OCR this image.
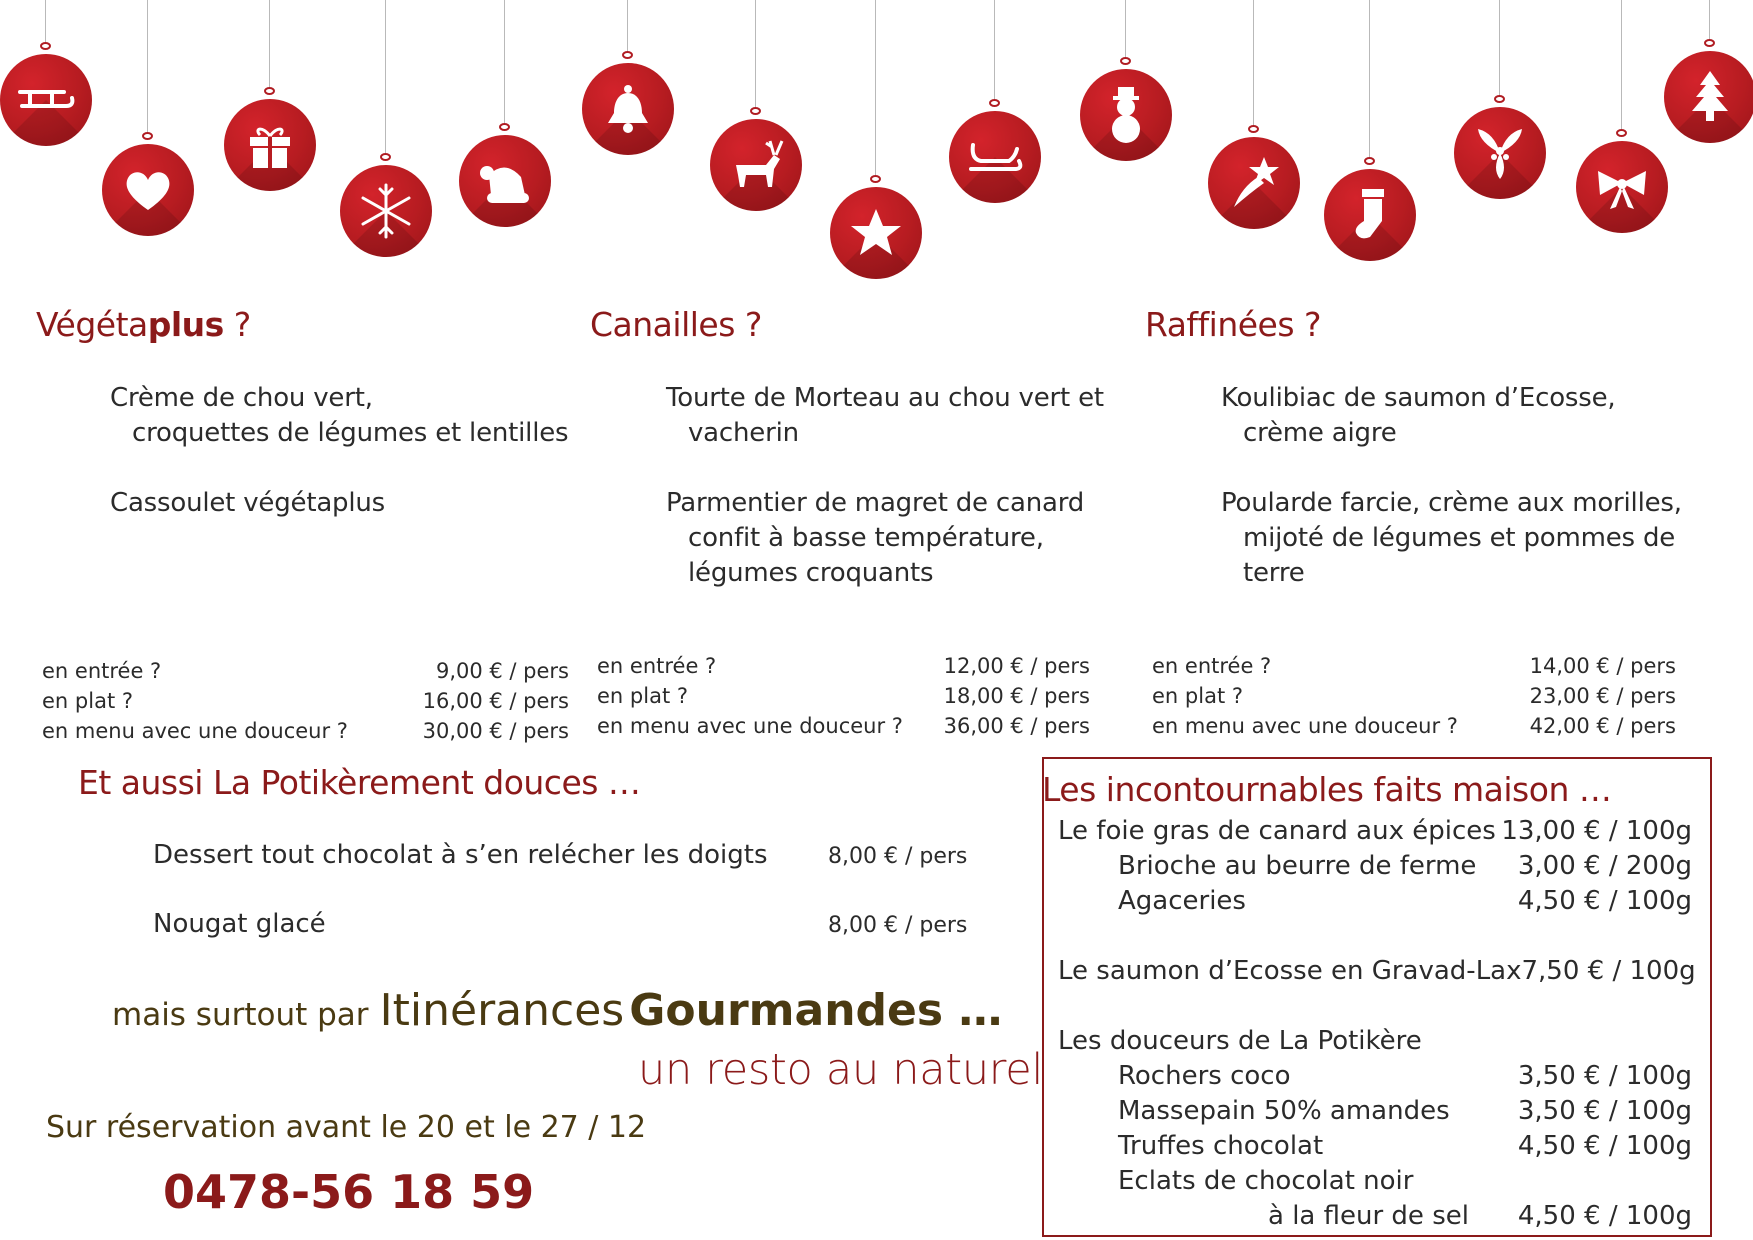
Végétaplus ?
Crème de chou vert,
croquettes de légumes et lentilles
Cassoulet végétaplus
en entrée ?	9,00 € / pers
en plat ?	16,00 € / pers
en menu avec une douceur ?	30,00 € / pers
Canailles ?
Tourte de Morteau au chou vert et
vacherin
Parmentier de magret de canard
confit à basse température,
légumes croquants
en entrée ?	12,00 € / pers
en plat ?	18,00 € / pers
en menu avec une douceur ? 36,00 € / pers
Raffinées ?
Koulibiac de saumon d’Ecosse,
crème aigre
Poularde farcie, crème aux morilles,
mijoté de légumes et pommes de
terre
en entrée ?	14,00 € / pers
en plat ?	23,00 € / pers
en menu avec une douceur ?	42,00 € / pers
Et aussi La Potikèrement douces …
Dessert tout chocolat à s’en relécher les doigts	8,00 € / pers
Nougat glacé	8,00 € / pers
mais surtout par Itinérances Gourmandes …
un resto au naturel
Sur réservation avant le 20 et le 27 / 12
0478-56 18 59
Les incontournables faits maison …
Le foie gras de canard aux épices 13,00 € / 100g
Brioche au beurre de ferme	3,00 € / 200g
Agaceries	4,50 € / 100g
Le saumon d’Ecosse en Gravad-Lax 7,50 € / 100g
Les douceurs de La Potikère
Rochers coco	3,50 € / 100g
Massepain 50% amandes	3,50 € / 100g
Truffes chocolat	4,50 € / 100g
Eclats de chocolat noir
à la fleur de sel	4,50 € / 100g
